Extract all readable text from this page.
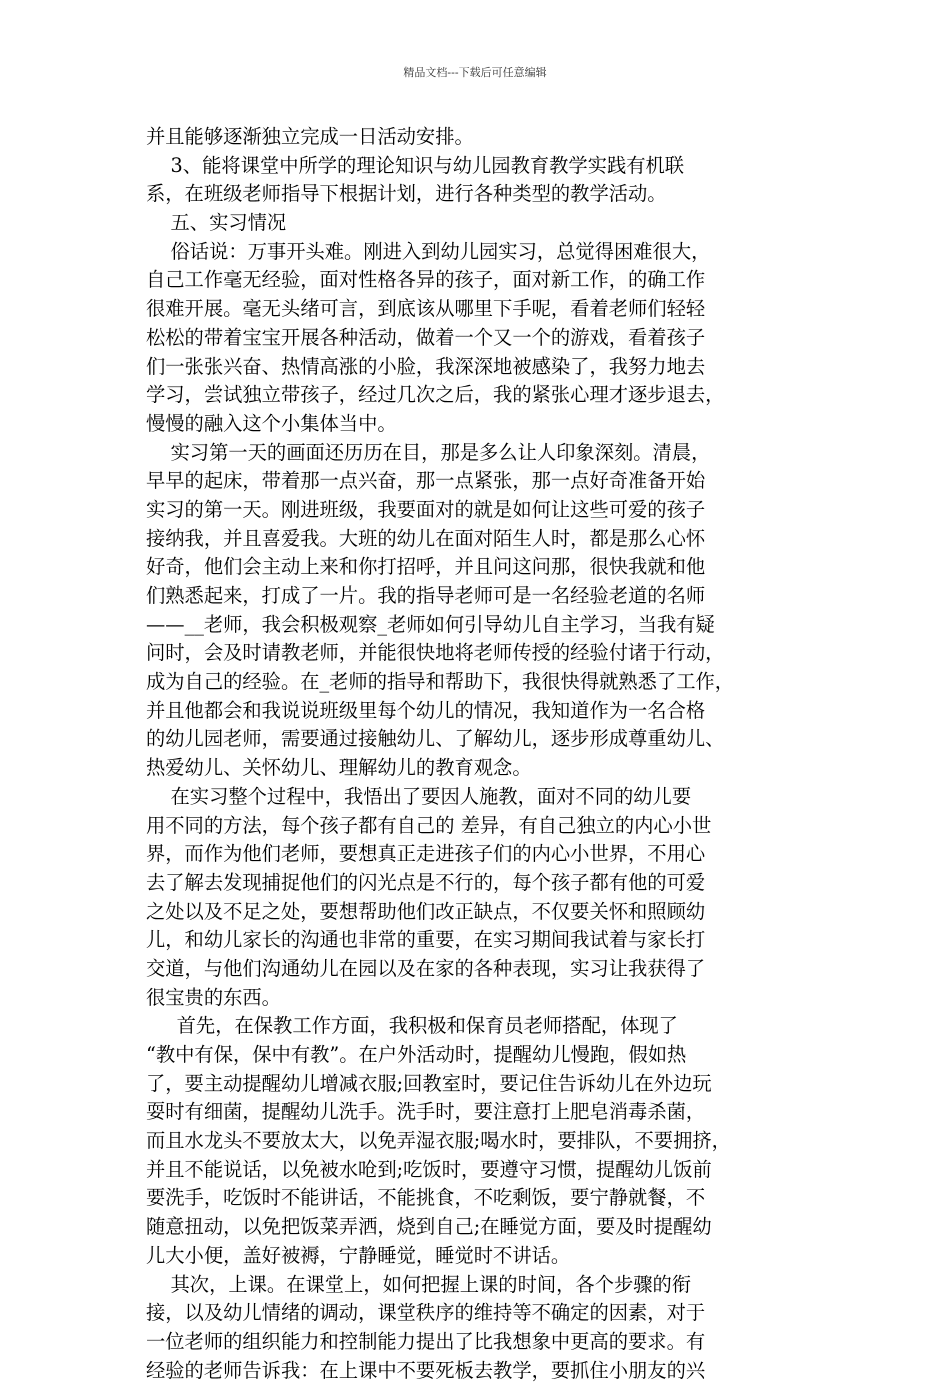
精品文档---下载后可任意编辑
并且能够逐渐独立完成一日活动安排。
3、能将课堂中所学的理论知识与幼儿园教育教学实践有机联
系，在班级老师指导下根据计划，进行各种类型的教学活动。
五、实习情况
俗话说：万事开头难。刚进入到幼儿园实习，总觉得困难很大，
自己工作毫无经验，面对性格各异的孩子，面对新工作，的确工作
很难开展。毫无头绪可言，到底该从哪里下手呢，看着老师们轻轻
松松的带着宝宝开展各种活动，做着一个又一个的游戏，看着孩子
们一张张兴奋、热情高涨的小脸，我深深地被感染了，我努力地去
学习，尝试独立带孩子，经过几次之后，我的紧张心理才逐步退去，
慢慢的融入这个小集体当中。
实习第一天的画面还历历在目，那是多么让人印象深刻。清晨，
早早的起床，带着那一点兴奋，那一点紧张，那一点好奇准备开始
实习的第一天。刚进班级，我要面对的就是如何让这些可爱的孩子
接纳我，并且喜爱我。大班的幼儿在面对陌生人时，都是那么心怀
好奇，他们会主动上来和你打招呼，并且问这问那，很快我就和他
们熟悉起来，打成了一片。我的指导老师可是一名经验老道的名师
——__老师，我会积极观察_老师如何引导幼儿自主学习，当我有疑
问时，会及时请教老师，并能很快地将老师传授的经验付诸于行动，
成为自己的经验。在_老师的指导和帮助下，我很快得就熟悉了工作，
并且他都会和我说说班级里每个幼儿的情况，我知道作为一名合格
的幼儿园老师，需要通过接触幼儿、了解幼儿，逐步形成尊重幼儿、
热爱幼儿、关怀幼儿、理解幼儿的教育观念。
在实习整个过程中，我悟出了要因人施教，面对不同的幼儿要
用不同的方法，每个孩子都有自己的 差异，有自己独立的内心小世
界，而作为他们老师，要想真正走进孩子们的内心小世界，不用心
去了解去发现捕捉他们的闪光点是不行的，每个孩子都有他的可爱
之处以及不足之处，要想帮助他们改正缺点，不仅要关怀和照顾幼
儿，和幼儿家长的沟通也非常的重要，在实习期间我试着与家长打
交道，与他们沟通幼儿在园以及在家的各种表现，实习让我获得了
很宝贵的东西。
首先，在保教工作方面，我积极和保育员老师搭配，体现了
“教中有保，保中有教”。在户外活动时，提醒幼儿慢跑，假如热
了，要主动提醒幼儿增减衣服;回教室时，要记住告诉幼儿在外边玩
耍时有细菌，提醒幼儿洗手。洗手时，要注意打上肥皂消毒杀菌，
而且水龙头不要放太大，以免弄湿衣服;喝水时，要排队，不要拥挤，
并且不能说话，以免被水呛到;吃饭时，要遵守习惯，提醒幼儿饭前
要洗手，吃饭时不能讲话，不能挑食，不吃剩饭，要宁静就餐，不
随意扭动，以免把饭菜弄洒，烧到自己;在睡觉方面，要及时提醒幼
儿大小便，盖好被褥，宁静睡觉，睡觉时不讲话。
其次，上课。在课堂上，如何把握上课的时间，各个步骤的衔
接，以及幼儿情绪的调动，课堂秩序的维持等不确定的因素，对于
一位老师的组织能力和控制能力提出了比我想象中更高的要求。有
经验的老师告诉我：在上课中不要死板去教学，要抓住小朋友的兴
